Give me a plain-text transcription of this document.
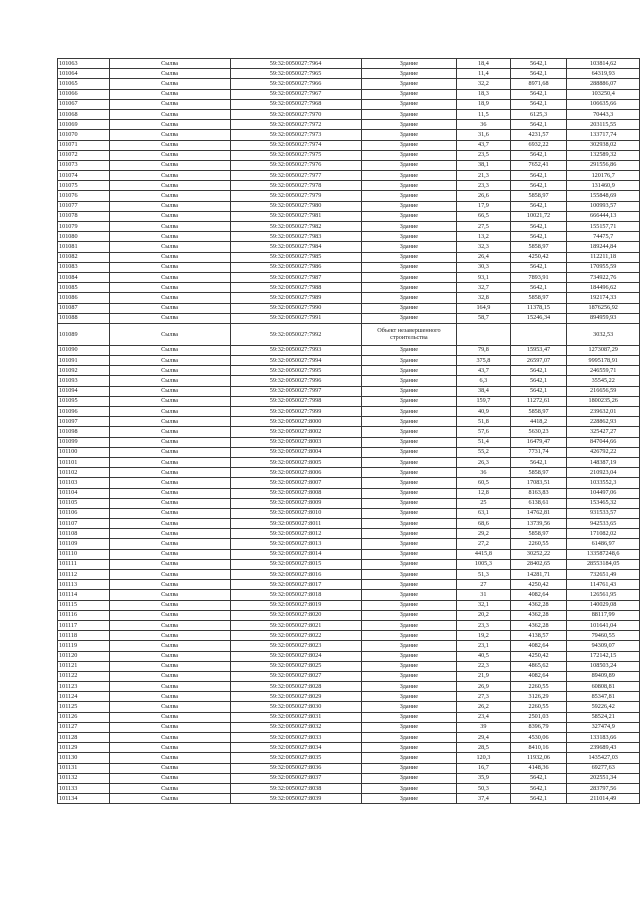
101063	Сылва	59:32:0050027:7964	Здание	18,4	5642,1	103814,62
101064	Сылва	59:32:0050027:7965	Здание	11,4	5642,1	64319,93
101065	Сылва	59:32:0050027:7966	Здание	32,2	8971,68	288886,07
101066	Сылва	59:32:0050027:7967	Здание	18,3	5642,1	103250,4
101067	Сылва	59:32:0050027:7968	Здание	18,9	5642,1	106635,66
101068	Сылва	59:32:0050027:7970	Здание	11,5	6125,3	70443,3
101069	Сылва	59:32:0050027:7972	Здание	36	5642,1	203115,55
101070	Сылва	59:32:0050027:7973	Здание	31,6	4231,57	133717,74
101071	Сылва	59:32:0050027:7974	Здание	43,7	6932,22	302938,02
101072	Сылва	59:32:0050027:7975	Здание	23,5	5642,1	132589,32
101073	Сылва	59:32:0050027:7976	Здание	38,1	7652,41	291556,86
101074	Сылва	59:32:0050027:7977	Здание	21,3	5642,1	120176,7
101075	Сылва	59:32:0050027:7978	Здание	23,3	5642,1	131460,9
101076	Сылва	59:32:0050027:7979	Здание	26,6	5858,97	155848,69
101077	Сылва	59:32:0050027:7980	Здание	17,9	5642,1	100993,57
101078	Сылва	59:32:0050027:7981	Здание	66,5	10021,72	666444,13
101079	Сылва	59:32:0050027:7982	Здание	27,5	5642,1	155157,71
101080	Сылва	59:32:0050027:7983	Здание	13,2	5642,1	74475,7
101081	Сылва	59:32:0050027:7984	Здание	32,3	5858,97	189244,84
101082	Сылва	59:32:0050027:7985	Здание	26,4	4250,42	112211,18
101083	Сылва	59:32:0050027:7986	Здание	30,3	5642,1	170955,59
101084	Сылва	59:32:0050027:7987	Здание	93,1	7893,91	734922,76
101085	Сылва	59:32:0050027:7988	Здание	32,7	5642,1	184496,62
101086	Сылва	59:32:0050027:7989	Здание	32,8	5858,97	192174,33
101087	Сылва	59:32:0050027:7990	Здание	164,9	11378,15	1876256,92
101088	Сылва	59:32:0050027:7991	Здание	58,7	15246,34	894959,93
101089	Сылва	59:32:0050027:7992	Объект незавершенного строительства			3032,53
101090	Сылва	59:32:0050027:7993	Здание	79,8	15953,47	1273087,29
101091	Сылва	59:32:0050027:7994	Здание	375,8	26597,07	9995178,91
101092	Сылва	59:32:0050027:7995	Здание	43,7	5642,1	246559,71
101093	Сылва	59:32:0050027:7996	Здание	6,3	5642,1	35545,22
101094	Сылва	59:32:0050027:7997	Здание	38,4	5642,1	216656,59
101095	Сылва	59:32:0050027:7998	Здание	159,7	11272,61	1800235,26
101096	Сылва	59:32:0050027:7999	Здание	40,9	5858,97	239632,01
101097	Сылва	59:32:0050027:8000	Здание	51,8	4418,2	228862,93
101098	Сылва	59:32:0050027:8002	Здание	57,6	5630,23	325427,27
101099	Сылва	59:32:0050027:8003	Здание	51,4	16479,47	847044,66
101100	Сылва	59:32:0050027:8004	Здание	55,2	7731,74	426792,22
101101	Сылва	59:32:0050027:8005	Здание	26,3	5642,1	148387,19
101102	Сылва	59:32:0050027:8006	Здание	36	5858,97	210923,04
101103	Сылва	59:32:0050027:8007	Здание	60,5	17083,51	1033552,3
101104	Сылва	59:32:0050027:8008	Здание	12,8	8163,83	104497,06
101105	Сылва	59:32:0050027:8009	Здание	25	6138,61	153465,32
101106	Сылва	59:32:0050027:8010	Здание	63,1	14762,81	931533,57
101107	Сылва	59:32:0050027:8011	Здание	68,6	13739,56	942533,65
101108	Сылва	59:32:0050027:8012	Здание	29,2	5858,97	171082,02
101109	Сылва	59:32:0050027:8013	Здание	27,2	2260,55	61486,97
101110	Сылва	59:32:0050027:8014	Здание	4415,8	30252,22	133587248,6
101111	Сылва	59:32:0050027:8015	Здание	1005,3	28402,65	28553184,05
101112	Сылва	59:32:0050027:8016	Здание	51,3	14281,71	732651,49
101113	Сылва	59:32:0050027:8017	Здание	27	4250,42	114761,43
101114	Сылва	59:32:0050027:8018	Здание	31	4082,64	126561,95
101115	Сылва	59:32:0050027:8019	Здание	32,1	4362,28	140029,08
101116	Сылва	59:32:0050027:8020	Здание	20,2	4362,28	88117,99
101117	Сылва	59:32:0050027:8021	Здание	23,3	4362,28	101641,04
101118	Сылва	59:32:0050027:8022	Здание	19,2	4138,57	79460,55
101119	Сылва	59:32:0050027:8023	Здание	23,1	4082,64	94309,07
101120	Сылва	59:32:0050027:8024	Здание	40,5	4250,42	172142,15
101121	Сылва	59:32:0050027:8025	Здание	22,3	4865,62	108503,24
101122	Сылва	59:32:0050027:8027	Здание	21,9	4082,64	89409,89
101123	Сылва	59:32:0050027:8028	Здание	26,9	2260,55	60808,81
101124	Сылва	59:32:0050027:8029	Здание	27,3	3126,29	85347,81
101125	Сылва	59:32:0050027:8030	Здание	26,2	2260,55	59226,42
101126	Сылва	59:32:0050027:8031	Здание	23,4	2501,03	58524,21
101127	Сылва	59:32:0050027:8032	Здание	39	8396,79	327474,9
101128	Сылва	59:32:0050027:8033	Здание	29,4	4530,06	133183,66
101129	Сылва	59:32:0050027:8034	Здание	28,5	8410,16	239689,43
101130	Сылва	59:32:0050027:8035	Здание	120,3	11932,06	1435427,03
101131	Сылва	59:32:0050027:8036	Здание	16,7	4148,36	69277,63
101132	Сылва	59:32:0050027:8037	Здание	35,9	5642,1	202551,34
101133	Сылва	59:32:0050027:8038	Здание	50,3	5642,1	283797,56
101134	Сылва	59:32:0050027:8039	Здание	37,4	5642,1	211014,49
